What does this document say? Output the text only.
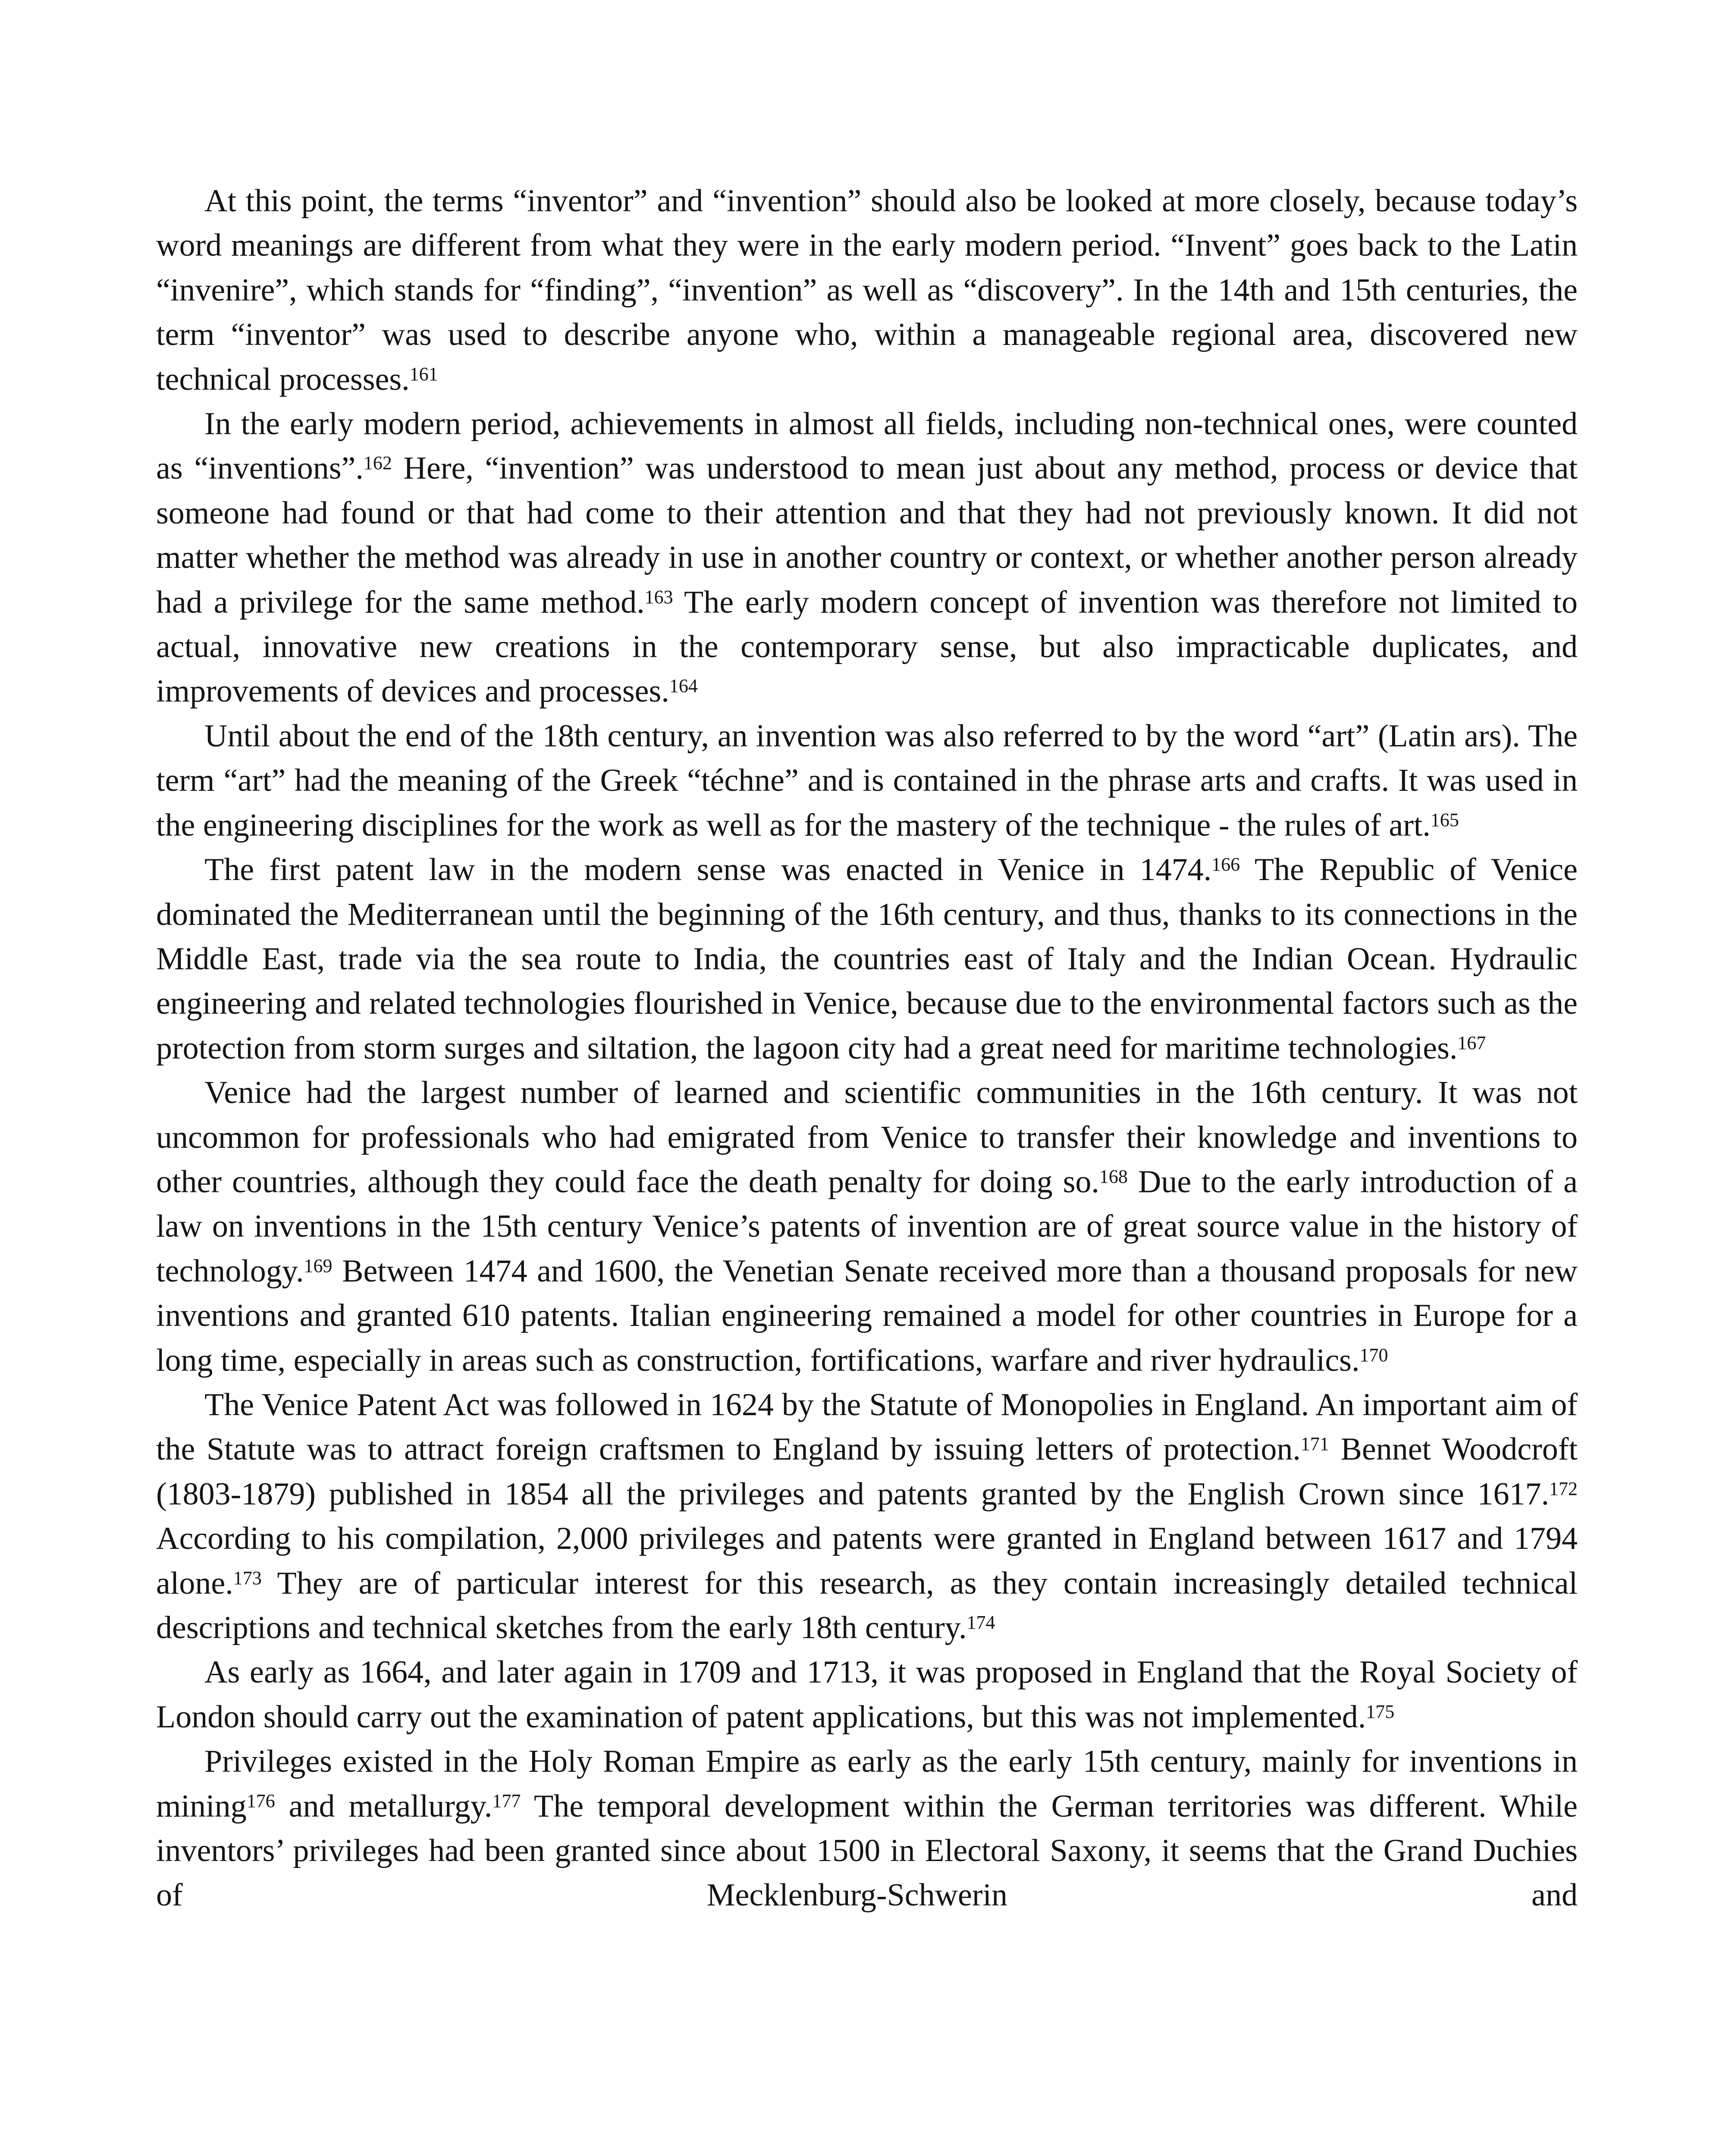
At this point, the terms “inventor” and “invention” should also be looked at more closely, because today’s word meanings are different from what they were in the early modern period. “Invent” goes back to the Latin “invenire”, which stands for “finding”, “invention” as well as “discovery”. In the 14th and 15th centuries, the term “inventor” was used to describe anyone who, within a manageable regional area, discovered new technical processes.$^{161}$

In the early modern period, achievements in almost all fields, including non-technical ones, were counted as “inventions”.$^{162}$ Here, “invention” was understood to mean just about any method, process or device that someone had found or that had come to their attention and that they had not previously known. It did not matter whether the method was already in use in another country or context, or whether another person already had a privilege for the same method.$^{163}$ The early modern concept of invention was therefore not limited to actual, innovative new creations in the contemporary sense, but also impracticable duplicates, and improvements of devices and processes.$^{164}$

Until about the end of the 18th century, an invention was also referred to by the word “art” (Latin ars). The term “art” had the meaning of the Greek “téchne” and is contained in the phrase arts and crafts. It was used in the engineering disciplines for the work as well as for the mastery of the technique - the rules of art.$^{165}$

The first patent law in the modern sense was enacted in Venice in 1474.$^{166}$ The Republic of Venice dominated the Mediterranean until the beginning of the 16th century, and thus, thanks to its connections in the Middle East, trade via the sea route to India, the countries east of Italy and the Indian Ocean. Hydraulic engineering and related technologies flourished in Venice, because due to the environmental factors such as the protection from storm surges and siltation, the lagoon city had a great need for maritime technologies.$^{167}$

Venice had the largest number of learned and scientific communities in the 16th century. It was not uncommon for professionals who had emigrated from Venice to transfer their knowledge and inventions to other countries, although they could face the death penalty for doing so.$^{168}$ Due to the early introduction of a law on inventions in the 15th century Venice’s patents of invention are of great source value in the history of technology.$^{169}$ Between 1474 and 1600, the Venetian Senate received more than a thousand proposals for new inventions and granted 610 patents. Italian engineering remained a model for other countries in Europe for a long time, especially in areas such as construction, fortifications, warfare and river hydraulics.$^{170}$

The Venice Patent Act was followed in 1624 by the Statute of Monopolies in England. An important aim of the Statute was to attract foreign craftsmen to England by issuing letters of protection.$^{171}$ Bennet Woodcroft (1803-1879) published in 1854 all the privileges and patents granted by the English Crown since 1617.$^{172}$ According to his compilation, 2,000 privileges and patents were granted in England between 1617 and 1794 alone.$^{173}$ They are of particular interest for this research, as they contain increasingly detailed technical descriptions and technical sketches from the early 18th century.$^{174}$

As early as 1664, and later again in 1709 and 1713, it was proposed in England that the Royal Society of London should carry out the examination of patent applications, but this was not implemented.$^{175}$

Privileges existed in the Holy Roman Empire as early as the early 15th century, mainly for inventions in mining$^{176}$ and metallurgy.$^{177}$ The temporal development within the German territories was different. While inventors’ privileges had been granted since about 1500 in Electoral Saxony, it seems that the Grand Duchies of Mecklenburg-Schwerin and
